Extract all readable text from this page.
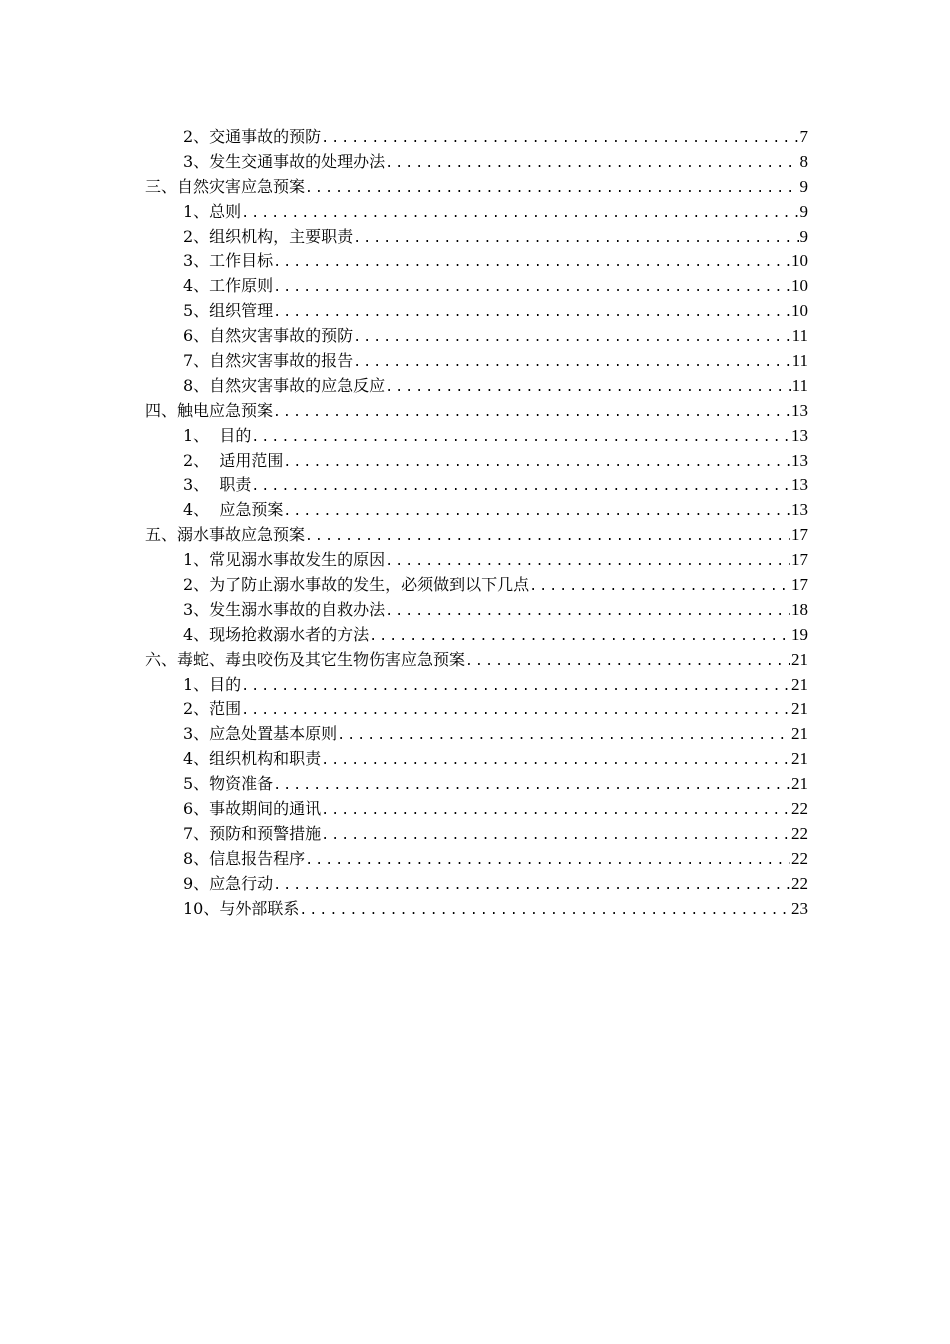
2、交通事故的预防 .....	7
3、发生交通事故的处理办法 .....	8
三、自然灾害应急预案 .....	9
1、总则 .....	9
2、组织机构，主要职责 .....	9
3、工作目标 .....	10
4、工作原则 .....	10
5、组织管理 .....	10
6、自然灾害事故的预防 .....	11
7、自然灾害事故的报告 .....	11
8、自然灾害事故的应急反应 .....	11
四、触电应急预案 .....	13
1、  目的 .....	13
2、  适用范围 .....	13
3、  职责 .....	13
4、  应急预案 .....	13
五、溺水事故应急预案 .....	17
1、常见溺水事故发生的原因 .....	17
2、为了防止溺水事故的发生，必须做到以下几点 .....	17
3、发生溺水事故的自救办法 .....	18
4、现场抢救溺水者的方法 .....	19
六、毒蛇、毒虫咬伤及其它生物伤害应急预案 .....	21
1、目的 .....	21
2、范围 .....	21
3、应急处置基本原则 .....	21
4、组织机构和职责 .....	21
5、物资准备 .....	21
6、事故期间的通讯 .....	22
7、预防和预警措施 .....	22
8、信息报告程序 .....	22
9、应急行动 .....	22
10、与外部联系 .....	23
